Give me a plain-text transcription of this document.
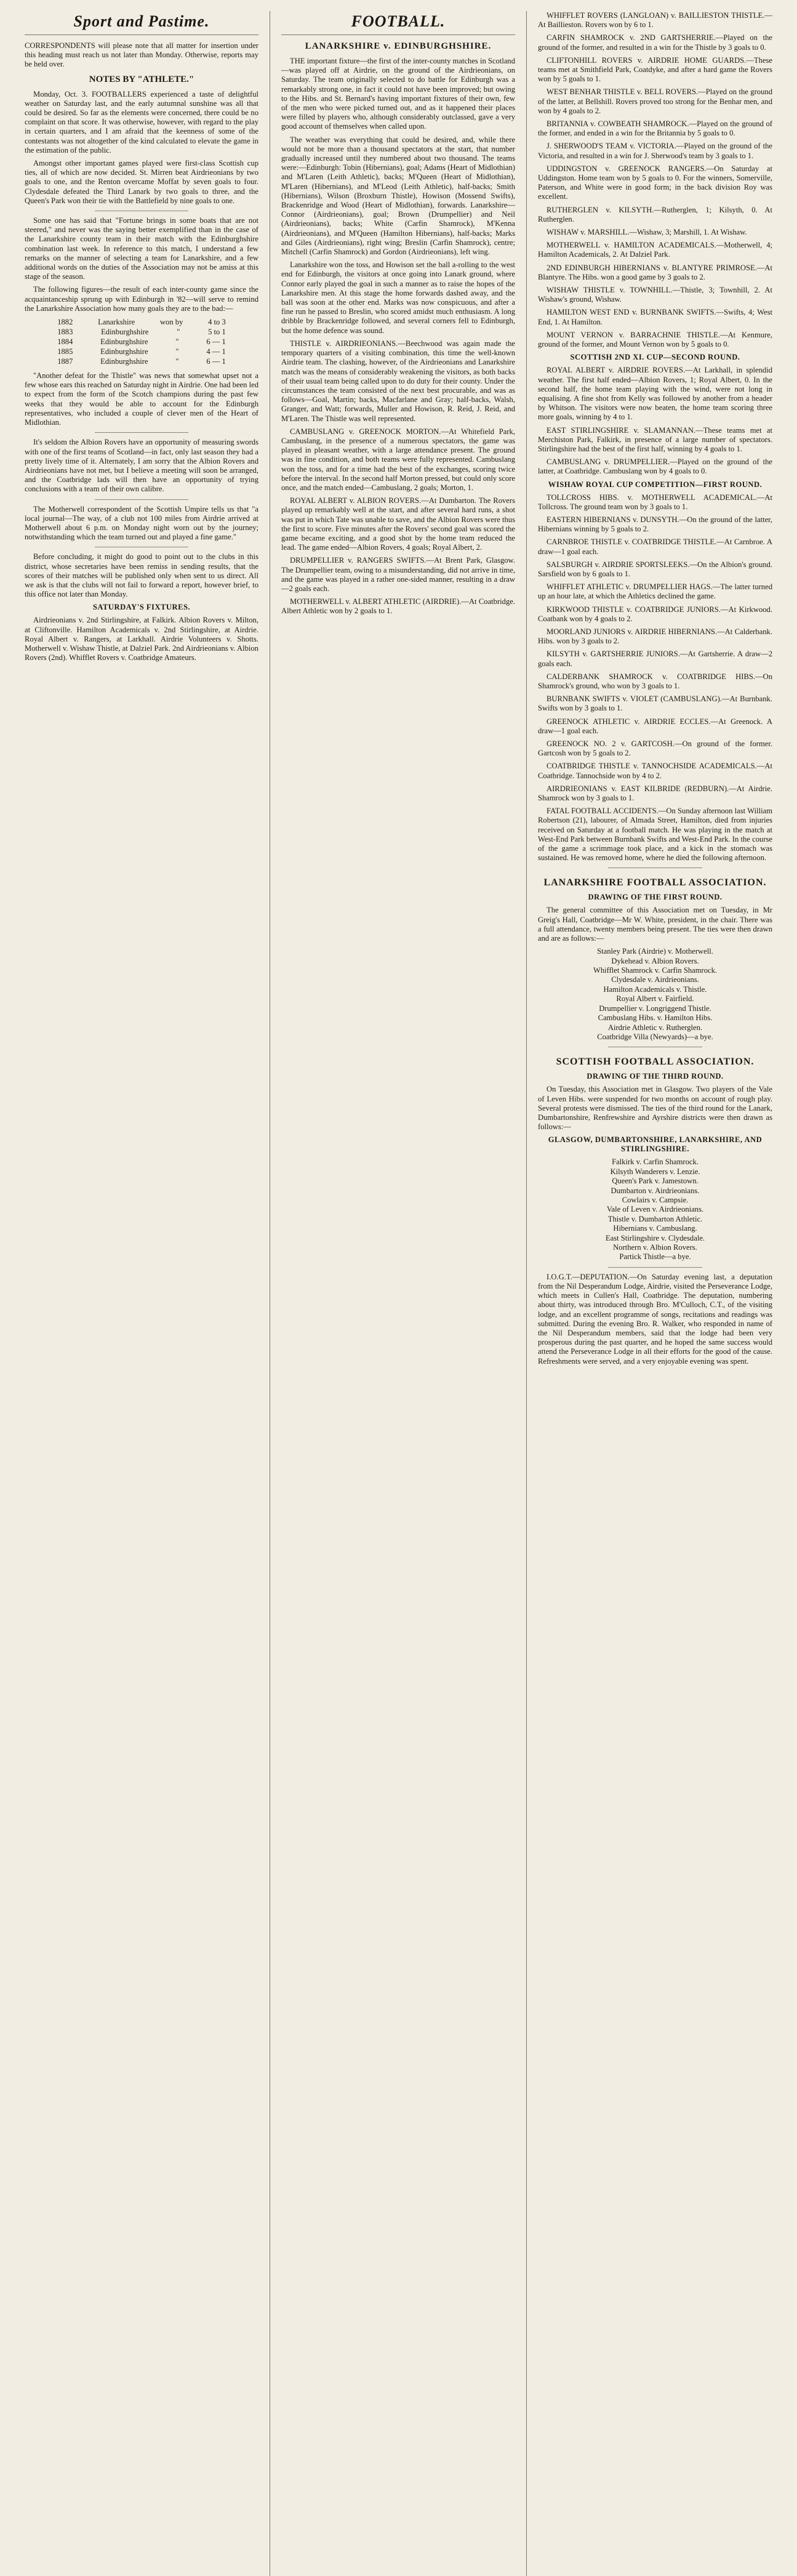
Sport and Pastime.

CORRESPONDENTS will please note that all matter for insertion under this heading must reach us not later than Monday. Otherwise, reports may be held over.

NOTES BY "ATHLETE."

Monday, Oct. 3. FOOTBALLERS experienced a taste of delightful weather on Saturday last, and the early autumnal sunshine was all that could be desired. So far as the elements were concerned, there could be no complaint on that score. It was otherwise, however, with regard to the play in certain quarters, and I am afraid that the keenness of some of the contestants was not altogether of the kind calculated to elevate the game in the estimation of the public.

Amongst other important games played were first-class Scottish cup ties, all of which are now decided. St. Mirren beat Airdrieonians by two goals to one, and the Renton overcame Moffat by seven goals to four. Clydesdale defeated the Third Lanark by two goals to three, and the Queen's Park won their tie with the Battlefield by nine goals to one.

Some one has said that "Fortune brings in some boats that are not steered," and never was the saying better exemplified than in the case of the Lanarkshire county team in their match with the Edinburghshire combination last week. In reference to this match, I understand a few remarks on the manner of selecting a team for Lanarkshire, and a few additional words on the duties of the Association may not be amiss at this stage of the season.

The following figures—the result of each inter-county game since the acquaintanceship sprung up with Edinburgh in '82—will serve to remind the Lanarkshire Association how many goals they are to the bad:—

1882	Lanarkshire	won by	4 to 3
1883	Edinburghshire	"	5 to 1
1884	Edinburghshire	"	6 — 1
1885	Edinburghshire	"	4 — 1
1887	Edinburghshire	"	6 — 1

"Another defeat for the Thistle" was news that somewhat upset not a few whose ears this reached on Saturday night in Airdrie. One had been led to expect from the form of the Scotch champions during the past few weeks that they would be able to account for the Edinburgh representatives, who included a couple of clever men of the Heart of Midlothian.

It's seldom the Albion Rovers have an opportunity of measuring swords with one of the first teams of Scotland—in fact, only last season they had a pretty lively time of it. Alternately, I am sorry that the Albion Rovers and Airdrieonians have not met, but I believe a meeting will soon be arranged, and the Coatbridge lads will then have an opportunity of trying conclusions with a team of their own calibre.

The Motherwell correspondent of the Scottish Umpire tells us that "a local journal—The way, of a club not 100 miles from Airdrie arrived at Motherwell about 6 p.m. on Monday night worn out by the journey; notwithstanding which the team turned out and played a fine game."

Before concluding, it might do good to point out to the clubs in this district, whose secretaries have been remiss in sending results, that the scores of their matches will be published only when sent to us direct. All we ask is that the clubs will not fail to forward a report, however brief, to this office not later than Monday.

SATURDAY'S FIXTURES.

Airdrieonians v. 2nd Stirlingshire, at Falkirk. Albion Rovers v. Milton, at Cliftonville. Hamilton Academicals v. 2nd Stirlingshire, at Airdrie. Royal Albert v. Rangers, at Larkhall. Airdrie Volunteers v. Shotts. Motherwell v. Wishaw Thistle, at Dalziel Park. 2nd Airdrieonians v. Albion Rovers (2nd). Whifflet Rovers v. Coatbridge Amateurs.

FOOTBALL.
LANARKSHIRE v. EDINBURGHSHIRE.

THE important fixture—the first of the inter-county matches in Scotland—was played off at Airdrie, on the ground of the Airdrieonians, on Saturday. The team originally selected to do battle for Edinburgh was a remarkably strong one, in fact it could not have been improved; but owing to the Hibs. and St. Bernard's having important fixtures of their own, few of the men who were picked turned out, and as it happened their places were filled by players who, although considerably outclassed, gave a very good account of themselves when called upon.

The weather was everything that could be desired, and, while there would not be more than a thousand spectators at the start, that number gradually increased until they numbered about two thousand. The teams were:—Edinburgh: Tobin (Hibernians), goal; Adams (Heart of Midlothian) and M'Laren (Leith Athletic), backs; M'Queen (Heart of Midlothian), M'Laren (Hibernians), and M'Leod (Leith Athletic), half-backs; Smith (Hibernians), Wilson (Broxburn Thistle), Howison (Mossend Swifts), Brackenridge and Wood (Heart of Midlothian), forwards. Lanarkshire—Connor (Airdrieonians), goal; Brown (Drumpellier) and Neil (Airdrieonians), backs; White (Carfin Shamrock), M'Kenna (Airdrieonians), and M'Queen (Hamilton Hibernians), half-backs; Marks and Giles (Airdrieonians), right wing; Breslin (Carfin Shamrock), centre; Mitchell (Carfin Shamrock) and Gordon (Airdrieonians), left wing.

Lanarkshire won the toss, and Howison set the ball a-rolling to the west end for Edinburgh, the visitors at once going into Lanark ground, where Connor early played the goal in such a manner as to raise the hopes of the Lanarkshire men. At this stage the home forwards dashed away, and the ball was soon at the other end. Marks was now conspicuous, and after a fine run he passed to Breslin, who scored amidst much enthusiasm. A long dribble by Brackenridge followed, and several corners fell to Edinburgh, but the home defence was sound.

THISTLE v. AIRDRIEONIANS.—Beechwood was again made the temporary quarters of a visiting combination, this time the well-known Airdrie team. The clashing, however, of the Airdrieonians and Lanarkshire match was the means of considerably weakening the visitors, as both backs of their usual team being called upon to do duty for their county. Under the circumstances the team consisted of the next best procurable, and was as follows—Goal, Martin; backs, Macfarlane and Gray; half-backs, Walsh, Granger, and Watt; forwards, Muller and Howison, R. Reid, J. Reid, and M'Laren. The Thistle was well represented.

CAMBUSLANG v. GREENOCK MORTON.—At Whitefield Park, Cambuslang, in the presence of a numerous spectators, the game was played in pleasant weather, with a large attendance present. The ground was in fine condition, and both teams were fully represented. Cambuslang won the toss, and for a time had the best of the exchanges, scoring twice before the interval. In the second half Morton pressed, but could only score once, and the match ended—Cambuslang, 2 goals; Morton, 1.

ROYAL ALBERT v. ALBION ROVERS.—At Dumbarton. The Rovers played up remarkably well at the start, and after several hard runs, a shot was put in which Tate was unable to save, and the Albion Rovers were thus the first to score. Five minutes after the Rovers' second goal was scored the game became exciting, and a good shot by the home team reduced the lead. The game ended—Albion Rovers, 4 goals; Royal Albert, 2.

DRUMPELLIER v. RANGERS SWIFTS.—At Brent Park, Glasgow. The Drumpellier team, owing to a misunderstanding, did not arrive in time, and the game was played in a rather one-sided manner, resulting in a draw—2 goals each.

MOTHERWELL v. ALBERT ATHLETIC (AIRDRIE).—At Coatbridge. Albert Athletic won by 2 goals to 1.

WHIFFLET ROVERS (LANGLOAN) v. BAILLIESTON THISTLE.—At Baillieston. Rovers won by 6 to 1.

CARFIN SHAMROCK v. 2ND GARTSHERRIE.—Played on the ground of the former, and resulted in a win for the Thistle by 3 goals to 0.

CLIFTONHILL ROVERS v. AIRDRIE HOME GUARDS.—These teams met at Smithfield Park, Coatdyke, and after a hard game the Rovers won by 5 goals to 1.

WEST BENHAR THISTLE v. BELL ROVERS.—Played on the ground of the latter, at Bellshill. Rovers proved too strong for the Benhar men, and won by 4 goals to 2.

BRITANNIA v. COWBEATH SHAMROCK.—Played on the ground of the former, and ended in a win for the Britannia by 5 goals to 0.

J. SHERWOOD'S TEAM v. VICTORIA.—Played on the ground of the Victoria, and resulted in a win for J. Sherwood's team by 3 goals to 1.

UDDINGSTON v. GREENOCK RANGERS.—On Saturday at Uddingston. Home team won by 5 goals to 0. For the winners, Somerville, Paterson, and White were in good form; in the back division Roy was excellent.

RUTHERGLEN v. KILSYTH.—Rutherglen, 1; Kilsyth, 0. At Rutherglen.

WISHAW v. MARSHILL.—Wishaw, 3; Marshill, 1. At Wishaw.

MOTHERWELL v. HAMILTON ACADEMICALS.—Motherwell, 4; Hamilton Academicals, 2. At Dalziel Park.

2ND EDINBURGH HIBERNIANS v. BLANTYRE PRIMROSE.—At Blantyre. The Hibs. won a good game by 3 goals to 2.

WISHAW THISTLE v. TOWNHILL.—Thistle, 3; Townhill, 2. At Wishaw's ground, Wishaw.

HAMILTON WEST END v. BURNBANK SWIFTS.—Swifts, 4; West End, 1. At Hamilton.

MOUNT VERNON v. BARRACHNIE THISTLE.—At Kenmure, ground of the former, and Mount Vernon won by 5 goals to 0.

SCOTTISH 2ND XI. CUP—SECOND ROUND.

ROYAL ALBERT v. AIRDRIE ROVERS.—At Larkhall, in splendid weather. The first half ended—Albion Rovers, 1; Royal Albert, 0. In the second half, the home team playing with the wind, were not long in equalising. A fine shot from Kelly was followed by another from a header by Whitson. The visitors were now beaten, the home team scoring three more goals, winning by 4 to 1.

EAST STIRLINGSHIRE v. SLAMANNAN.—These teams met at Merchiston Park, Falkirk, in presence of a large number of spectators. Stirlingshire had the best of the first half, winning by 4 goals to 1.

CAMBUSLANG v. DRUMPELLIER.—Played on the ground of the latter, at Coatbridge. Cambuslang won by 4 goals to 0.

WISHAW ROYAL CUP COMPETITION—FIRST ROUND.

TOLLCROSS HIBS. v. MOTHERWELL ACADEMICAL.—At Tollcross. The ground team won by 3 goals to 1.

EASTERN HIBERNIANS v. DUNSYTH.—On the ground of the latter, Hibernians winning by 5 goals to 2.

CARNBROE THISTLE v. COATBRIDGE THISTLE.—At Carnbroe. A draw—1 goal each.

SALSBURGH v. AIRDRIE SPORTSLEEKS.—On the Albion's ground. Sarsfield won by 6 goals to 1.

WHIFFLET ATHLETIC v. DRUMPELLIER HAGS.—The latter turned up an hour late, at which the Athletics declined the game.

KIRKWOOD THISTLE v. COATBRIDGE JUNIORS.—At Kirkwood. Coatbank won by 4 goals to 2.

MOORLAND JUNIORS v. AIRDRIE HIBERNIANS.—At Calderbank. Hibs. won by 3 goals to 2.

KILSYTH v. GARTSHERRIE JUNIORS.—At Gartsherrie. A draw—2 goals each.

CALDERBANK SHAMROCK v. COATBRIDGE HIBS.—On Shamrock's ground, who won by 3 goals to 1.

BURNBANK SWIFTS v. VIOLET (CAMBUSLANG).—At Burnbank. Swifts won by 3 goals to 1.

GREENOCK ATHLETIC v. AIRDRIE ECCLES.—At Greenock. A draw—1 goal each.

GREENOCK NO. 2 v. GARTCOSH.—On ground of the former. Gartcosh won by 5 goals to 2.

COATBRIDGE THISTLE v. TANNOCHSIDE ACADEMICALS.—At Coatbridge. Tannochside won by 4 to 2.

AIRDRIEONIANS v. EAST KILBRIDE (REDBURN).—At Airdrie. Shamrock won by 3 goals to 1.

FATAL FOOTBALL ACCIDENTS.—On Sunday afternoon last William Robertson (21), labourer, of Almada Street, Hamilton, died from injuries received on Saturday at a football match. He was playing in the match at West-End Park between Burnbank Swifts and West-End Park. In the course of the game a scrimmage took place, and a kick in the stomach was sustained. He was removed home, where he died the following afternoon.

LANARKSHIRE FOOTBALL ASSOCIATION.
DRAWING OF THE FIRST ROUND.

The general committee of this Association met on Tuesday, in Mr Greig's Hall, Coatbridge—Mr W. White, president, in the chair. There was a full attendance, twenty members being present. The ties were then drawn and are as follows:—

Stanley Park (Airdrie) v. Motherwell.
Dykehead v. Albion Rovers.
Whifflet Shamrock v. Carfin Shamrock.
Clydesdale v. Airdrieonians.
Hamilton Academicals v. Thistle.
Royal Albert v. Fairfield.
Drumpellier v. Longriggend Thistle.
Cambuslang Hibs. v. Hamilton Hibs.
Airdrie Athletic v. Rutherglen.
Coatbridge Villa (Newyards)—a bye.
SCOTTISH FOOTBALL ASSOCIATION.
DRAWING OF THE THIRD ROUND.

On Tuesday, this Association met in Glasgow. Two players of the Vale of Leven Hibs. were suspended for two months on account of rough play. Several protests were dismissed. The ties of the third round for the Lanark, Dumbartonshire, Renfrewshire and Ayrshire districts were then drawn as follows:—

GLASGOW, DUMBARTONSHIRE, LANARKSHIRE, AND STIRLINGSHIRE.
Falkirk v. Carfin Shamrock.
Kilsyth Wanderers v. Lenzie.
Queen's Park v. Jamestown.
Dumbarton v. Airdrieonians.
Cowlairs v. Campsie.
Vale of Leven v. Airdrieonians.
Thistle v. Dumbarton Athletic.
Hibernians v. Cambuslang.
East Stirlingshire v. Clydesdale.
Northern v. Albion Rovers.
Partick Thistle—a bye.

I.O.G.T.—DEPUTATION.—On Saturday evening last, a deputation from the Nil Desperandum Lodge, Airdrie, visited the Perseverance Lodge, which meets in Cullen's Hall, Coatbridge. The deputation, numbering about thirty, was introduced through Bro. M'Culloch, C.T., of the visiting lodge, and an excellent programme of songs, recitations and readings was submitted. During the evening Bro. R. Walker, who responded in name of the Nil Desperandum members, said that the lodge had been very prosperous during the past quarter, and he hoped the same success would attend the Perseverance Lodge in all their efforts for the good of the cause. Refreshments were served, and a very enjoyable evening was spent.
